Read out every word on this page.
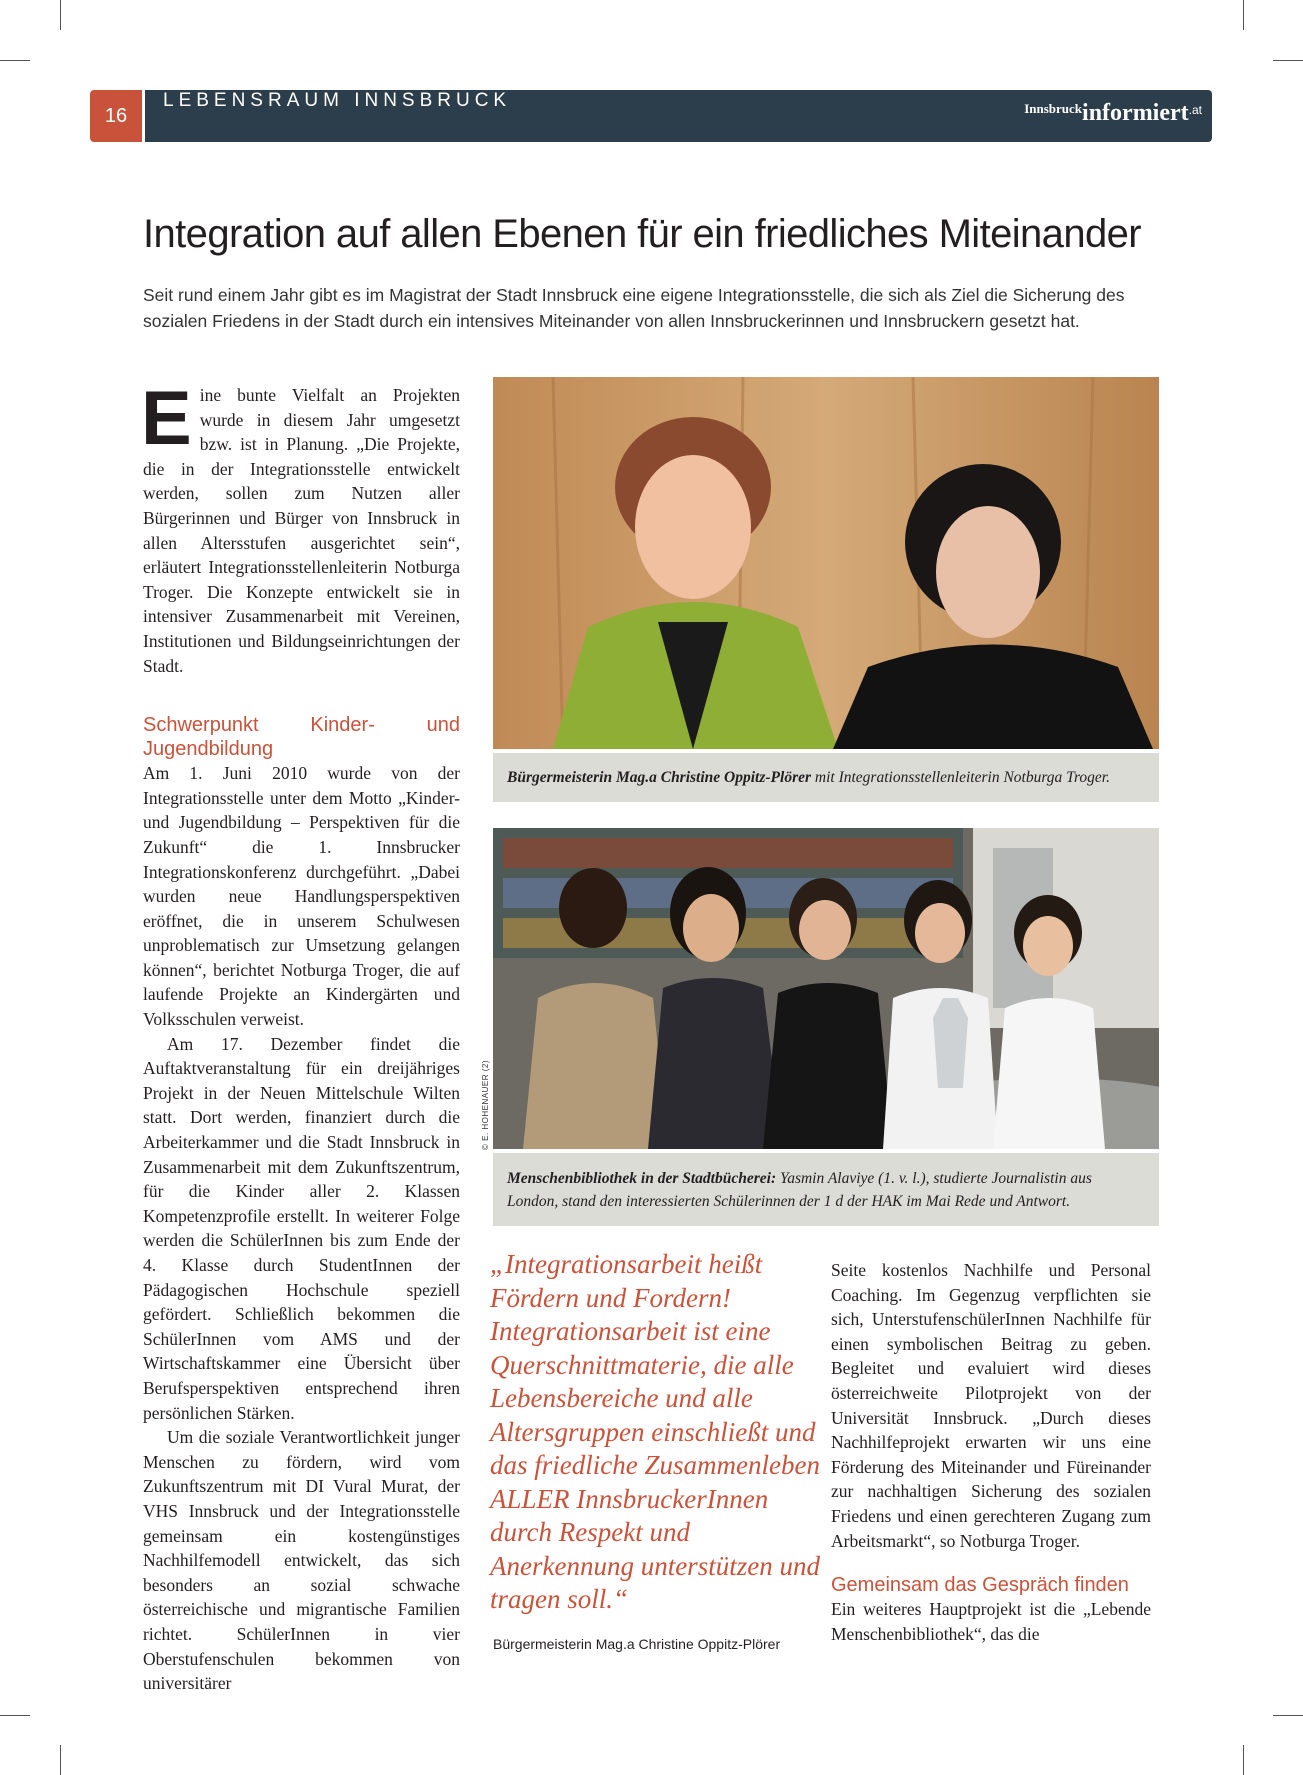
16
LEBENSRAUM INNSBRUCK	$^{Innsbruck}$informiert$^{.at}$
Integration auf allen Ebenen für ein friedliches Miteinander

Seit rund einem Jahr gibt es im Magistrat der Stadt Innsbruck eine eigene Integrationsstelle, die sich als Ziel die Sicherung des sozialen Friedens in der Stadt durch ein intensives Miteinander von allen Innsbruckerinnen und Innsbruckern gesetzt hat.

Eine bunte Vielfalt an Projekten wurde in diesem Jahr umgesetzt bzw. ist in Planung. „Die Projekte, die in der Integrationsstelle entwickelt werden, sollen zum Nutzen aller Bürgerinnen und Bürger von Innsbruck in allen Altersstufen ausgerichtet sein“, erläutert Integrationsstellenleiterin Notburga Troger. Die Konzepte entwickelt sie in intensiver Zusammenarbeit mit Vereinen, Institutionen und Bildungseinrichtungen der Stadt.

Schwerpunkt Kinder- und Jugendbildung

Am 1. Juni 2010 wurde von der Integrationsstelle unter dem Motto „Kinder- und Jugendbildung – Perspektiven für die Zukunft“ die 1. Innsbrucker Integrationskonferenz durchgeführt. „Dabei wurden neue Handlungsperspektiven eröffnet, die in unserem Schulwesen unproblematisch zur Umsetzung gelangen können“, berichtet Notburga Troger, die auf laufende Projekte an Kindergärten und Volksschulen verweist.

Am 17. Dezember findet die Auftaktveranstaltung für ein dreijähriges Projekt in der Neuen Mittelschule Wilten statt. Dort werden, finanziert durch die Arbeiterkammer und die Stadt Innsbruck in Zusammenarbeit mit dem Zukunftszentrum, für die Kinder aller 2. Klassen Kompetenzprofile erstellt. In weiterer Folge werden die SchülerInnen bis zum Ende der 4. Klasse durch StudentInnen der Pädagogischen Hochschule speziell gefördert. Schließlich bekommen die SchülerInnen vom AMS und der Wirtschaftskammer eine Übersicht über Berufsperspektiven entsprechend ihren persönlichen Stärken.

Um die soziale Verantwortlichkeit junger Menschen zu fördern, wird vom Zukunftszentrum mit DI Vural Murat, der VHS Innsbruck und der Integrationsstelle gemeinsam ein kostengünstiges Nachhilfemodell entwickelt, das sich besonders an sozial schwache österreichische und migrantische Familien richtet. SchülerInnen in vier Oberstufenschulen bekommen von universitärer

Bürgermeisterin Mag.a Christine Oppitz-Plörer mit Integrationsstellenleiterin Notburga Troger.
Menschenbibliothek in der Stadtbücherei: Yasmin Alaviye (1. v. l.), studierte Journalistin aus London, stand den interessierten Schülerinnen der 1 d der HAK im Mai Rede und Antwort.
© E. HOHENAUER (2)

„Integrationsarbeit heißt Fördern und Fordern! Integrationsarbeit ist eine Querschnittmaterie, die alle Lebensbereiche und alle Altersgruppen einschließt und das friedliche Zusammenleben ALLER InnsbruckerInnen durch Respekt und Anerkennung unterstützen und tragen soll.“

Bürgermeisterin Mag.a Christine Oppitz-Plörer

Seite kostenlos Nachhilfe und Personal Coaching. Im Gegenzug verpflichten sie sich, UnterstufenschülerInnen Nachhilfe für einen symbolischen Beitrag zu geben. Begleitet und evaluiert wird dieses österreichweite Pilotprojekt von der Universität Innsbruck. „Durch dieses Nachhilfeprojekt erwarten wir uns eine Förderung des Miteinander und Füreinander zur nachhaltigen Sicherung des sozialen Friedens und einen gerechteren Zugang zum Arbeitsmarkt“, so Notburga Troger.

Gemeinsam das Gespräch finden

Ein weiteres Hauptprojekt ist die „Lebende Menschenbibliothek“, das die
